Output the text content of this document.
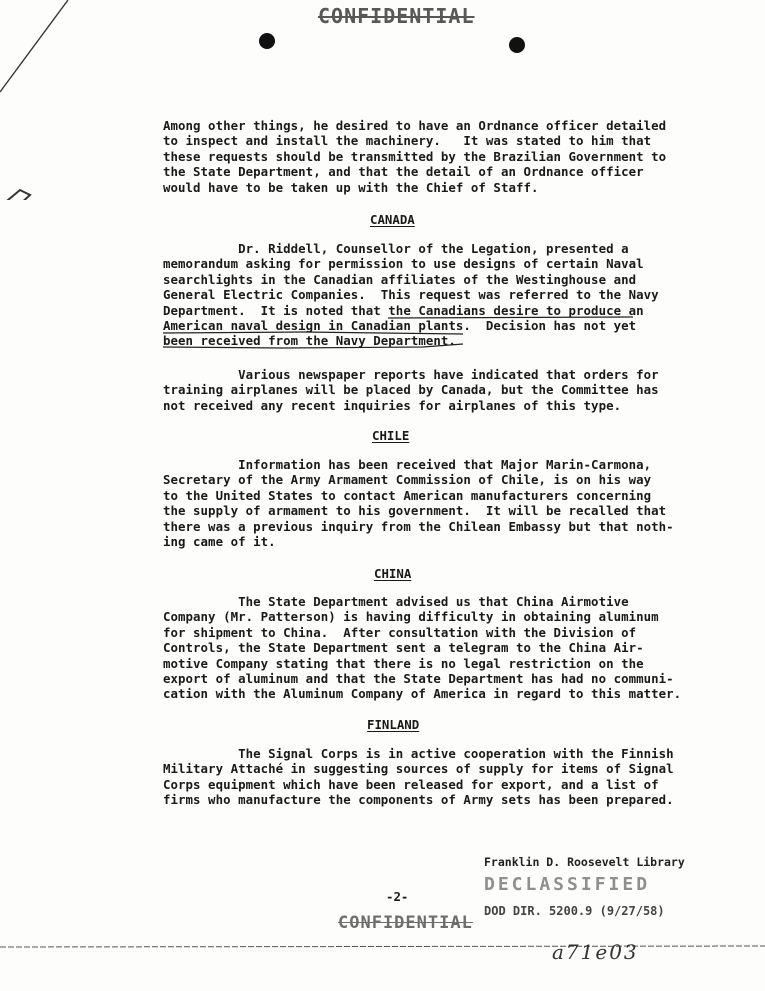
CONFIDENTIAL
Among other things, he desired to have an Ordnance officer detailed
to inspect and install the machinery.   It was stated to him that
these requests should be transmitted by the Brazilian Government to
the State Department, and that the detail of an Ordnance officer
would have to be taken up with the Chief of Staff.
CANADA
Dr. Riddell, Counsellor of the Legation, presented a
memorandum asking for permission to use designs of certain Naval
searchlights in the Canadian affiliates of the Westinghouse and
General Electric Companies.  This request was referred to the Navy
Department.  It is noted that the Canadians desire to produce an
American naval design in Canadian plants.  Decision has not yet
been received from the Navy Department.
Various newspaper reports have indicated that orders for
training airplanes will be placed by Canada, but the Committee has
not received any recent inquiries for airplanes of this type.
CHILE
Information has been received that Major Marin-Carmona,
Secretary of the Army Armament Commission of Chile, is on his way
to the United States to contact American manufacturers concerning
the supply of armament to his government.  It will be recalled that
there was a previous inquiry from the Chilean Embassy but that noth-
ing came of it.
CHINA
The State Department advised us that China Airmotive
Company (Mr. Patterson) is having difficulty in obtaining aluminum
for shipment to China.  After consultation with the Division of
Controls, the State Department sent a telegram to the China Air-
motive Company stating that there is no legal restriction on the
export of aluminum and that the State Department has had no communi-
cation with the Aluminum Company of America in regard to this matter.
FINLAND
The Signal Corps is in active cooperation with the Finnish
Military Attaché in suggesting sources of supply for items of Signal
Corps equipment which have been released for export, and a list of
firms who manufacture the components of Army sets has been prepared.
Franklin D. Roosevelt Library
DECLASSIFIED
-2-
DOD DIR. 5200.9 (9/27/58)
CONFIDENTIAL
a71e03
